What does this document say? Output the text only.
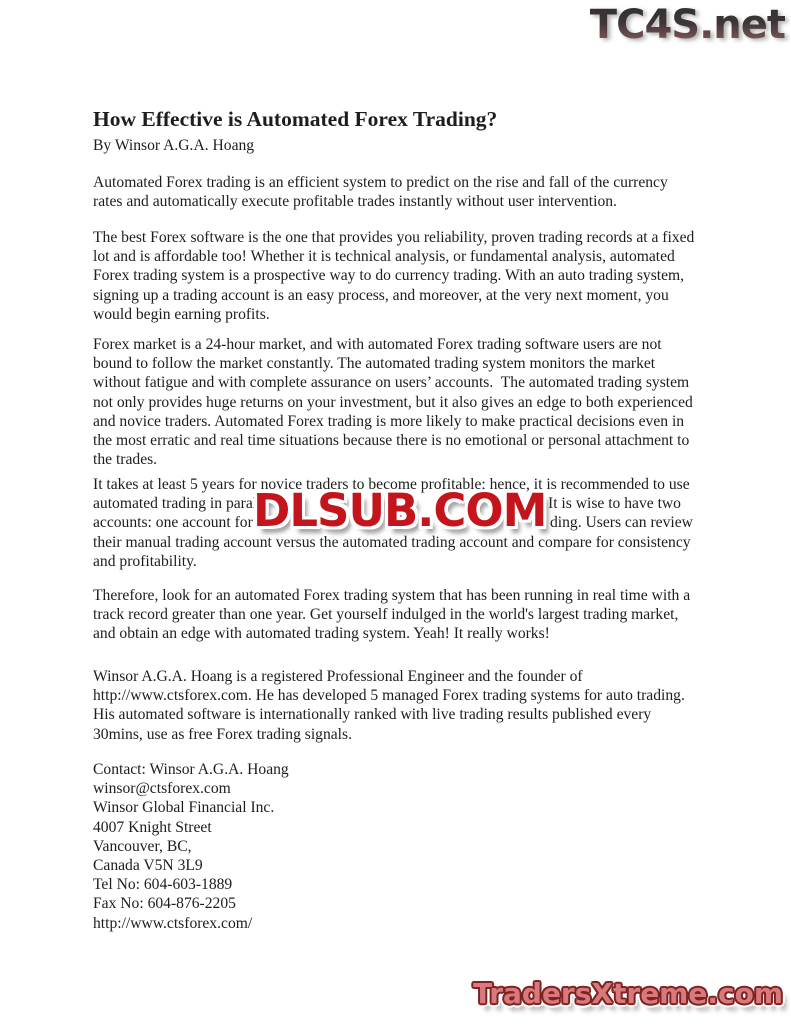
TC4S.net
How Effective is Automated Forex Trading?
By Winsor A.G.A. Hoang
Automated Forex trading is an efficient system to predict on the rise and fall of the currency
rates and automatically execute profitable trades instantly without user intervention.
The best Forex software is the one that provides you reliability, proven trading records at a fixed
lot and is affordable too! Whether it is technical analysis, or fundamental analysis, automated
Forex trading system is a prospective way to do currency trading. With an auto trading system,
signing up a trading account is an easy process, and moreover, at the very next moment, you
would begin earning profits.
Forex market is a 24-hour market, and with automated Forex trading software users are not
bound to follow the market constantly. The automated trading system monitors the market
without fatigue and with complete assurance on users’ accounts.  The automated trading system
not only provides huge returns on your investment, but it also gives an edge to both experienced
and novice traders. Automated Forex trading is more likely to make practical decisions even in
the most erratic and real time situations because there is no emotional or personal attachment to
the trades.
It takes at least 5 years for novice traders to become profitable; hence, it is recommended to use
automated trading in paral	It is wise to have two
accounts: one account for	ding. Users can review
their manual trading account versus the automated trading account and compare for consistency
and profitability.
Therefore, look for an automated Forex trading system that has been running in real time with a
track record greater than one year. Get yourself indulged in the world's largest trading market,
and obtain an edge with automated trading system. Yeah! It really works!
Winsor A.G.A. Hoang is a registered Professional Engineer and the founder of
http://www.ctsforex.com. He has developed 5 managed Forex trading systems for auto trading.
His automated software is internationally ranked with live trading results published every
30mins, use as free Forex trading signals.
Contact: Winsor A.G.A. Hoang
winsor@ctsforex.com
Winsor Global Financial Inc.
4007 Knight Street
Vancouver, BC,
Canada V5N 3L9
Tel No: 604-603-1889
Fax No: 604-876-2205
http://www.ctsforex.com/
DLSUB.COM
TradersXtreme.com
